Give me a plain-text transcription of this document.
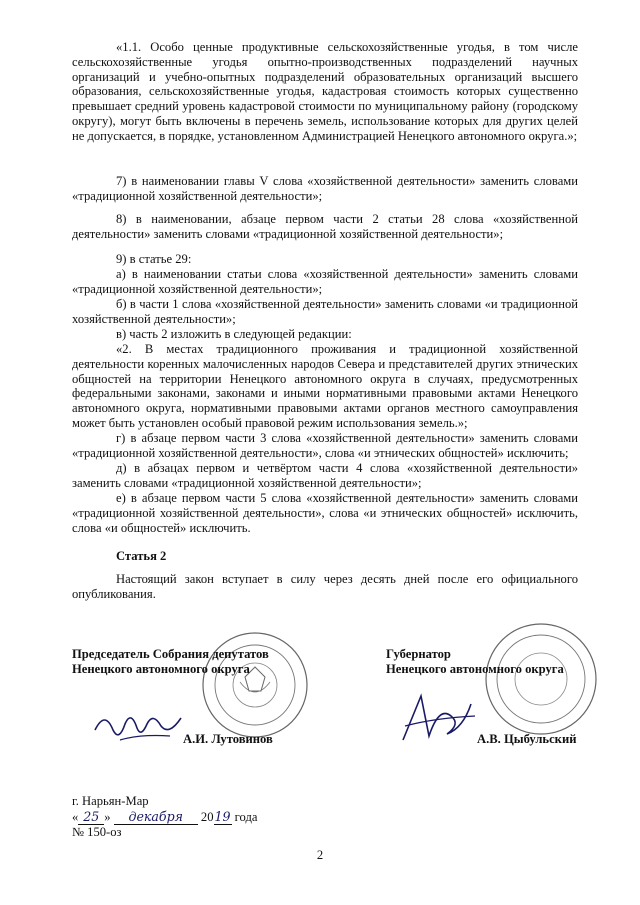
«1.1. Особо ценные продуктивные сельскохозяйственные угодья, в том числе сельскохозяйственные угодья опытно-производственных подразделений научных организаций и учебно-опытных подразделений образовательных организаций высшего образования, сельскохозяйственные угодья, кадастровая стоимость которых существенно превышает средний уровень кадастровой стоимости по муниципальному району (городскому округу), могут быть включены в перечень земель, использование которых для других целей не допускается, в порядке, установленном Администрацией Ненецкого автономного округа.»;

7) в наименовании главы V слова «хозяйственной деятельности» заменить словами «традиционной хозяйственной деятельности»;

8) в наименовании, абзаце первом части 2 статьи 28 слова «хозяйственной деятельности» заменить словами «традиционной хозяйственной деятельности»;

9) в статье 29:

а) в наименовании статьи слова «хозяйственной деятельности» заменить словами «традиционной хозяйственной деятельности»;

б) в части 1 слова «хозяйственной деятельности» заменить словами «и традиционной хозяйственной деятельности»;

в) часть 2 изложить в следующей редакции:

«2. В местах традиционного проживания и традиционной хозяйственной деятельности коренных малочисленных народов Севера и представителей других этнических общностей на территории Ненецкого автономного округа в случаях, предусмотренных федеральными законами, законами и иными нормативными правовыми актами Ненецкого автономного округа, нормативными правовыми актами органов местного самоуправления может быть установлен особый правовой режим использования земель.»;

г) в абзаце первом части 3 слова «хозяйственной деятельности» заменить словами «традиционной хозяйственной деятельности», слова «и этнических общностей» исключить;

д) в абзацах первом и четвёртом части 4 слова «хозяйственной деятельности» заменить словами «традиционной хозяйственной деятельности»;

е) в абзаце первом части 5 слова «хозяйственной деятельности» заменить словами «традиционной хозяйственной деятельности», слова «и этнических общностей» исключить, слова «и общностей» исключить.

Статья 2

Настоящий закон вступает в силу через десять дней после его официального опубликования.

Председатель Собрания депутатов
Ненецкого автономного округа
Губернатор
Ненецкого автономного округа
А.И. Лутовинов	А.В. Цыбульский
г. Нарьян-Мар
« 25 » декабря 2019 года
№ 150-оз
2
